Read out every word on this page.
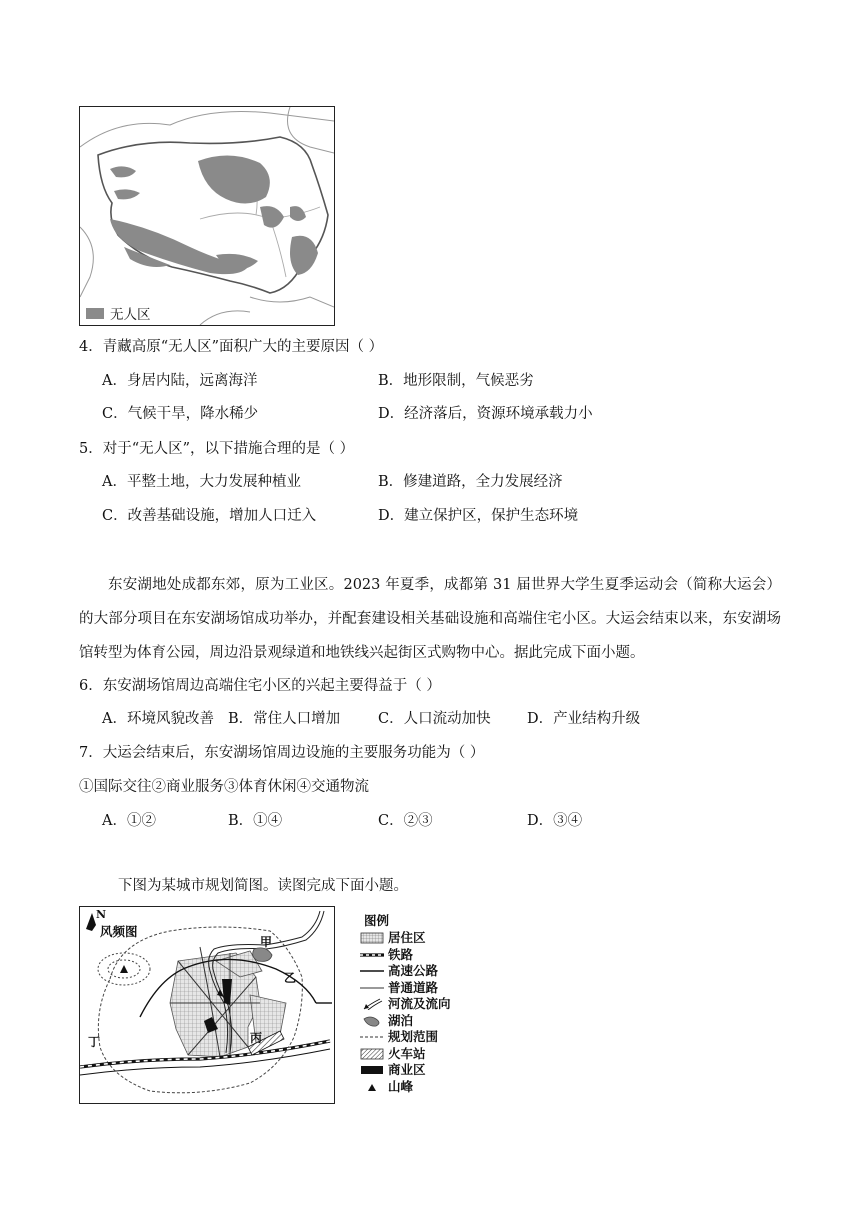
无人区
4．青藏高原“无人区”面积广大的主要原因（ ）
A．身居内陆，远离海洋	B．地形限制，气候恶劣
C．气候干旱，降水稀少	D．经济落后，资源环境承载力小
5．对于“无人区”，以下措施合理的是（ ）
A．平整土地，大力发展种植业	B．修建道路，全力发展经济
C．改善基础设施，增加人口迁入	D．建立保护区，保护生态环境
东安湖地处成都东郊，原为工业区。2023 年夏季，成都第 31 届世界大学生夏季运动会（简称大运会）的大部分项目在东安湖场馆成功举办，并配套建设相关基础设施和高端住宅小区。大运会结束以来，东安湖场馆转型为体育公园，周边沿景观绿道和地铁线兴起街区式购物中心。据此完成下面小题。
6．东安湖场馆周边高端住宅小区的兴起主要得益于（ ）
A．环境风貌改善 B．常住人口增加	C．人口流动加快	D．产业结构升级
7．大运会结束后，东安湖场馆周边设施的主要服务功能为（ ）
①国际交往②商业服务③体育休闲④交通物流
A．①②	B．①④	C．②③	D．③④
下图为某城市规划简图。读图完成下面小题。
N
风频图
甲
乙
丙
丁
图例
居住区
铁路
高速公路
普通道路
河流及流向
湖泊
规划范围
火车站
商业区
山峰
